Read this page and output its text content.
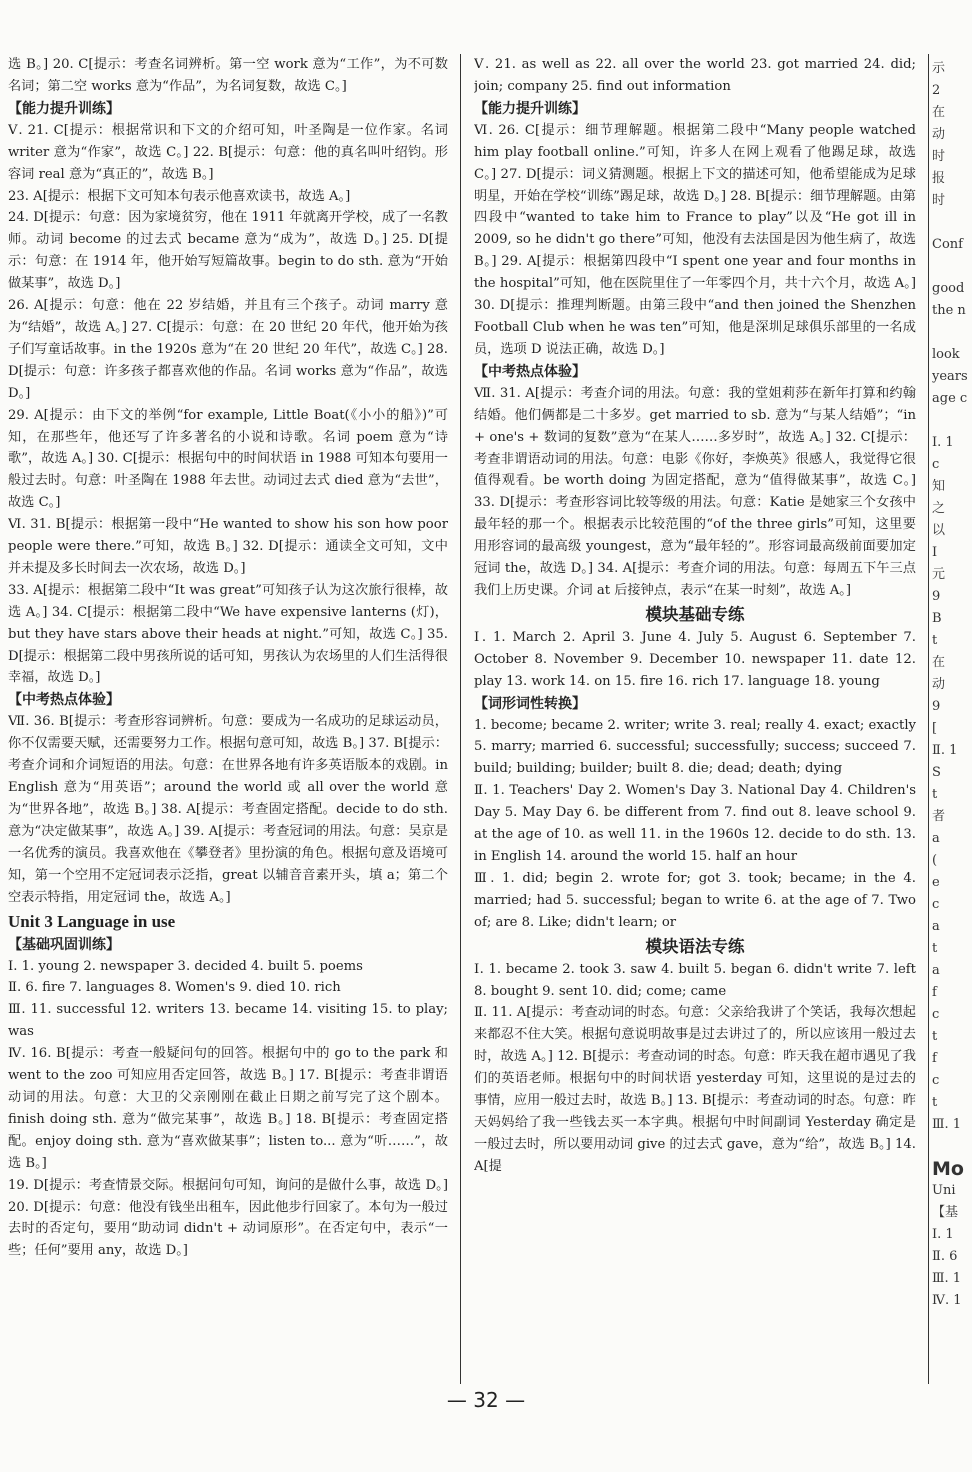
选 B。] 20. C[提示：考查名词辨析。第一空 work 意为“工作”，为不可数名词；第二空 works 意为“作品”，为名词复数，故选 C。]
【能力提升训练】
Ⅴ. 21. C[提示：根据常识和下文的介绍可知，叶圣陶是一位作家。名词 writer 意为“作家”，故选 C。] 22. B[提示：句意：他的真名叫叶绍钧。形容词 real 意为“真正的”，故选 B。]
23. A[提示：根据下文可知本句表示他喜欢读书，故选 A。]
24. D[提示：句意：因为家境贫穷，他在 1911 年就离开学校，成了一名教师。动词 become 的过去式 became 意为“成为”，故选 D。] 25. D[提示：句意：在 1914 年，他开始写短篇故事。begin to do sth. 意为“开始做某事”，故选 D。]
26. A[提示：句意：他在 22 岁结婚，并且有三个孩子。动词 marry 意为“结婚”，故选 A。] 27. C[提示：句意：在 20 世纪 20 年代，他开始为孩子们写童话故事。in the 1920s 意为“在 20 世纪 20 年代”，故选 C。] 28. D[提示：句意：许多孩子都喜欢他的作品。名词 works 意为“作品”，故选 D。]
29. A[提示：由下文的举例“for example, Little Boat(《小小的船》)”可知，在那些年，他还写了许多著名的小说和诗歌。名词 poem 意为“诗歌”，故选 A。] 30. C[提示：根据句中的时间状语 in 1988 可知本句要用一般过去时。句意：叶圣陶在 1988 年去世。动词过去式 died 意为“去世”，故选 C。]
Ⅵ. 31. B[提示：根据第一段中“He wanted to show his son how poor people were there.”可知，故选 B。] 32. D[提示：通读全文可知，文中并未提及多长时间去一次农场，故选 D。]
33. A[提示：根据第二段中“It was great”可知孩子认为这次旅行很棒，故选 A。] 34. C[提示：根据第二段中“We have expensive lanterns (灯)，but they have stars above their heads at night.”可知，故选 C。] 35. D[提示：根据第二段中男孩所说的话可知，男孩认为农场里的人们生活得很幸福，故选 D。]
【中考热点体验】
Ⅶ. 36. B[提示：考查形容词辨析。句意：要成为一名成功的足球运动员，你不仅需要天赋，还需要努力工作。根据句意可知，故选 B。] 37. B[提示：考查介词和介词短语的用法。句意：在世界各地有许多英语版本的戏剧。in English 意为“用英语”；around the world 或 all over the world 意为“世界各地”，故选 B。] 38. A[提示：考查固定搭配。decide to do sth. 意为“决定做某事”，故选 A。] 39. A[提示：考查冠词的用法。句意：吴京是一名优秀的演员。我喜欢他在《攀登者》里扮演的角色。根据句意及语境可知，第一个空用不定冠词表示泛指，great 以辅音音素开头，填 a；第二个空表示特指，用定冠词 the，故选 A。]
Unit 3 Language in use
【基础巩固训练】
Ⅰ. 1. young 2. newspaper 3. decided 4. built 5. poems
Ⅱ. 6. fire 7. languages 8. Women's 9. died 10. rich
Ⅲ. 11. successful 12. writers 13. became 14. visiting 15. to play; was
Ⅳ. 16. B[提示：考查一般疑问句的回答。根据句中的 go to the park 和 went to the zoo 可知应用否定回答，故选 B。] 17. B[提示：考查非谓语动词的用法。句意：大卫的父亲刚刚在截止日期之前写完了这个剧本。finish doing sth. 意为“做完某事”，故选 B。] 18. B[提示：考查固定搭配。enjoy doing sth. 意为“喜欢做某事”；listen to... 意为“听……”，故选 B。]
19. D[提示：考查情景交际。根据问句可知，询问的是做什么事，故选 D。] 20. D[提示：句意：他没有钱坐出租车，因此他步行回家了。本句为一般过去时的否定句，要用“助动词 didn't + 动词原形”。在否定句中，表示“一些；任何”要用 any，故选 D。]
Ⅴ. 21. as well as 22. all over the world 23. got married 24. did; join; company 25. find out information
【能力提升训练】
Ⅵ. 26. C[提示：细节理解题。根据第二段中“Many people watched him play football online.”可知，许多人在网上观看了他踢足球，故选 C。] 27. D[提示：词义猜测题。根据上下文的描述可知，他希望能成为足球明星，开始在学校“训练”踢足球，故选 D。] 28. B[提示：细节理解题。由第四段中“wanted to take him to France to play”以及“He got ill in 2009, so he didn't go there”可知，他没有去法国是因为他生病了，故选 B。] 29. A[提示：根据第四段中“I spent one year and four months in the hospital”可知，他在医院里住了一年零四个月，共十六个月，故选 A。] 30. D[提示：推理判断题。由第三段中“and then joined the Shenzhen Football Club when he was ten”可知，他是深圳足球俱乐部里的一名成员，选项 D 说法正确，故选 D。]
【中考热点体验】
Ⅶ. 31. A[提示：考查介词的用法。句意：我的堂姐莉莎在新年打算和约翰结婚。他们俩都是二十多岁。get married to sb. 意为“与某人结婚”；“in + one's + 数词的复数”意为“在某人……多岁时”，故选 A。] 32. C[提示：考查非谓语动词的用法。句意：电影《你好，李焕英》很感人，我觉得它很值得观看。be worth doing 为固定搭配，意为“值得做某事”，故选 C。] 33. D[提示：考查形容词比较等级的用法。句意：Katie 是她家三个女孩中最年轻的那一个。根据表示比较范围的“of the three girls”可知，这里要用形容词的最高级 youngest，意为“最年轻的”。形容词最高级前面要加定冠词 the，故选 D。] 34. A[提示：考查介词的用法。句意：每周五下午三点我们上历史课。介词 at 后接钟点，表示“在某一时刻”，故选 A。]
模块基础专练
Ⅰ. 1. March 2. April 3. June 4. July 5. August 6. September 7. October 8. November 9. December 10. newspaper 11. date 12. play 13. work 14. on 15. fire 16. rich 17. language 18. young
【词形词性转换】
1. become; became 2. writer; write 3. real; really 4. exact; exactly 5. marry; married 6. successful; successfully; success; succeed 7. build; building; builder; built 8. die; dead; death; dying
Ⅱ. 1. Teachers' Day 2. Women's Day 3. National Day 4. Children's Day 5. May Day 6. be different from 7. find out 8. leave school 9. at the age of 10. as well 11. in the 1960s 12. decide to do sth. 13. in English 14. around the world 15. half an hour
Ⅲ. 1. did; begin 2. wrote for; got 3. took; became; in the 4. married; had 5. successful; began to write 6. at the age of 7. Two of; are 8. Like; didn't learn; or
模块语法专练
Ⅰ. 1. became 2. took 3. saw 4. built 5. began 6. didn't write 7. left 8. bought 9. sent 10. did; come; came
Ⅱ. 11. A[提示：考查动词的时态。句意：父亲给我讲了个笑话，我每次想起来都忍不住大笑。根据句意说明故事是过去讲过了的，所以应该用一般过去时，故选 A。] 12. B[提示：考查动词的时态。句意：昨天我在超市遇见了我们的英语老师。根据句中的时间状语 yesterday 可知，这里说的是过去的事情，应用一般过去时，故选 B。] 13. B[提示：考查动词的时态。句意：昨天妈妈给了我一些钱去买一本字典。根据句中时间副词 Yesterday 确定是一般过去时，所以要用动词 give 的过去式 gave，意为“给”，故选 B。] 14. A[提
示
2
在
动
时
报
时

Conf

good
the n

look
years
age c

Ⅰ. 1
c
知
之
以
I
元
9
B
t
在
动
9
[
Ⅱ. 1
S
t
者
a
(
e
c
a
t
a
f
c
t
f
c
t
Ⅲ. 1

Mo
Uni
【基
Ⅰ. 1
Ⅱ. 6
Ⅲ. 1
Ⅳ. 1
— 32 —
